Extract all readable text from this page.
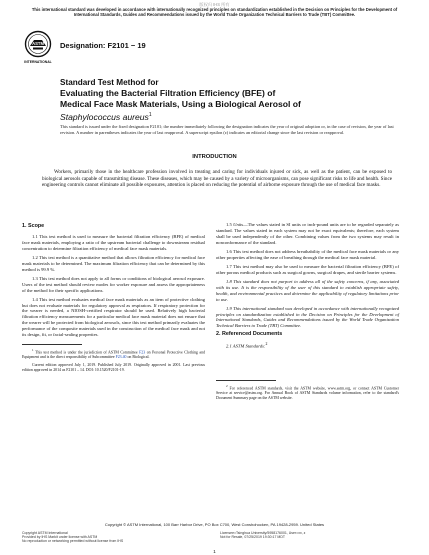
版权归 IHS 所有
This international standard was developed in accordance with internationally recognized principles on standardization established in the Decision on Principles for the Development of International Standards, Guides and Recommendations issued by the World Trade Organization Technical Barriers to Trade (TBT) Committee.
ASTM
INTERNATIONAL
Designation: F2101 − 19
Standard Test Method for
Evaluating the Bacterial Filtration Efficiency (BFE) of
Medical Face Mask Materials, Using a Biological Aerosol of
Staphylococcus aureus$^1$
This standard is issued under the fixed designation F2101; the number immediately following the designation indicates the year of original adoption or, in the case of revision, the year of last revision. A number in parentheses indicates the year of last reapproval. A superscript epsilon (ε) indicates an editorial change since the last revision or reapproval.
INTRODUCTION
Workers, primarily those in the healthcare profession involved in treating and caring for individuals injured or sick, as well as the patient, can be exposed to biological aerosols capable of transmitting disease. These diseases, which may be caused by a variety of microorganisms, can pose significant risks to life and health. Since engineering controls cannot eliminate all possible exposures, attention is placed on reducing the potential of airborne exposure through the use of medical face masks.
1. Scope

1.1 This test method is used to measure the bacterial filtration efficiency (BFE) of medical face mask materials, employing a ratio of the upstream bacterial challenge to downstream residual concentration to determine filtration efficiency of medical face mask materials.

1.2 This test method is a quantitative method that allows filtration efficiency for medical face mask materials to be determined. The maximum filtration efficiency that can be determined by this method is 99.9 %.

1.3 This test method does not apply to all forms or conditions of biological aerosol exposure. Users of the test method should review modes for worker exposure and assess the appropriateness of the method for their specific applications.

1.4 This test method evaluates medical face mask materials as an item of protective clothing but does not evaluate materials for regulatory approval as respirators. If respiratory protection for the wearer is needed, a NIOSH-certified respirator should be used. Relatively high bacterial filtration efficiency measurements for a particular medical face mask material does not ensure that the wearer will be protected from biological aerosols, since this test method primarily evaluates the performance of the composite materials used in the construction of the medical face mask and not its design, fit, or facial-sealing properties.

$^1$ This test method is under the jurisdiction of ASTM Committee F23 on Personal Protective Clothing and Equipment and is the direct responsibility of Subcommittee F23.40 on Biological.

Current edition approved July 1, 2019. Published July 2019. Originally approved in 2001. Last previous edition approved in 2014 as F2101 – 14. DOI: 10.1520/F2101-19.

1.5 Units—The values stated in SI units or inch-pound units are to be regarded separately as standard. The values stated in each system may not be exact equivalents; therefore, each system shall be used independently of the other. Combining values from the two systems may result in nonconformance of the standard.

1.6 This test method does not address breathability of the medical face mask materials or any other properties affecting the ease of breathing through the medical face mask material.

1.7 This test method may also be used to measure the bacterial filtration efficiency (BFE) of other porous medical products such as surgical gowns, surgical drapes, and sterile barrier systems.

1.8 This standard does not purport to address all of the safety concerns, if any, associated with its use. It is the responsibility of the user of this standard to establish appropriate safety, health, and environmental practices and determine the applicability of regulatory limitations prior to use.

1.9 This international standard was developed in accordance with internationally recognized principles on standardization established in the Decision on Principles for the Development of International Standards, Guides and Recommendations issued by the World Trade Organization Technical Barriers to Trade (TBT) Committee.

2. Referenced Documents

2.1 ASTM Standards:$^2$

$^2$ For referenced ASTM standards, visit the ASTM website, www.astm.org, or contact ASTM Customer Service at service@astm.org. For Annual Book of ASTM Standards volume information, refer to the standard's Document Summary page on the ASTM website.

Copyright © ASTM International, 100 Barr Harbor Drive, PO Box C700, West Conshohocken, PA 19428-2959. United States
Copyright ASTM International
Provided by IHS Markit under license with ASTM
No reproduction or networking permitted without license from IHS
Licensee=Tsinghua University/5958176001, User=xx, z
Not for Resale, 07/25/2019 19:30:17 MDT
1
